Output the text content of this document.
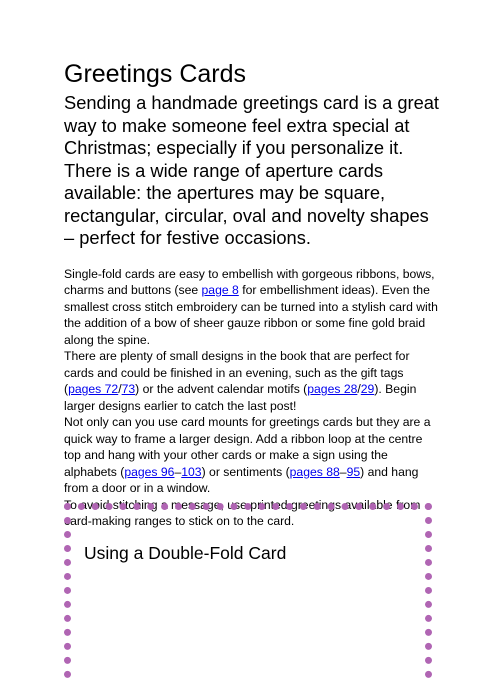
Greetings Cards

Sending a handmade greetings card is a great way to make someone feel extra special at Christmas; especially if you personalize it. There is a wide range of aperture cards available: the apertures may be square, rectangular, circular, oval and novelty shapes – perfect for festive occasions.

Single-fold cards are easy to embellish with gorgeous ribbons, bows, charms and buttons (see page 8 for embellishment ideas). Even the smallest cross stitch embroidery can be turned into a stylish card with the addition of a bow of sheer gauze ribbon or some fine gold braid along the spine.

There are plenty of small designs in the book that are perfect for cards and could be finished in an evening, such as the gift tags (pages 72/73) or the advent calendar motifs (pages 28/29). Begin larger designs earlier to catch the last post!

Not only can you use card mounts for greetings cards but they are a quick way to frame a larger design. Add a ribbon loop at the centre top and hang with your other cards or make a sign using the alphabets (pages 96–103) or sentiments (pages 88–95) and hang from a door or in a window.

To avoid stitching a message, use printed greetings available from card-making ranges to stick on to the card.

Using a Double-Fold Card
